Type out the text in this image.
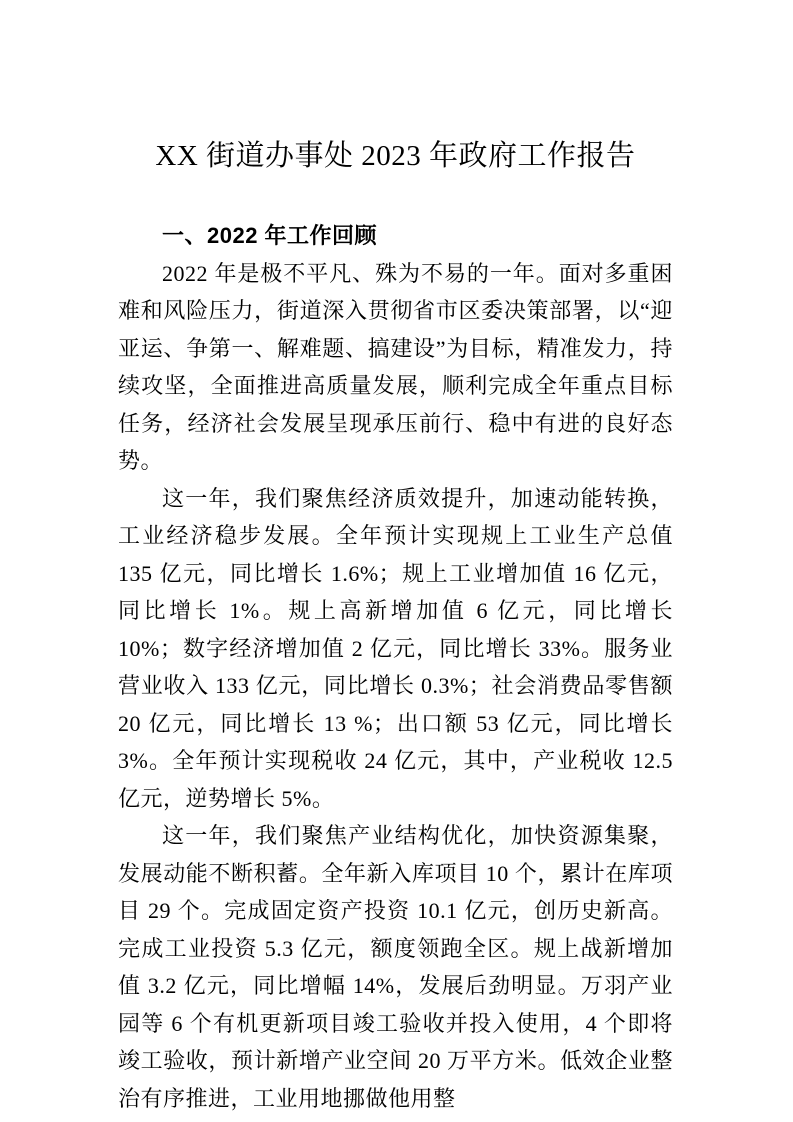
XX 街道办事处 2023 年政府工作报告
一、2022 年工作回顾

2022 年是极不平凡、殊为不易的一年。面对多重困难和风险压力，街道深入贯彻省市区委决策部署，以“迎亚运、争第一、解难题、搞建设”为目标，精准发力，持续攻坚，全面推进高质量发展，顺利完成全年重点目标任务，经济社会发展呈现承压前行、稳中有进的良好态势。

这一年，我们聚焦经济质效提升，加速动能转换，工业经济稳步发展。全年预计实现规上工业生产总值 135 亿元，同比增长 1.6%；规上工业增加值 16 亿元，同比增长 1%。规上高新增加值 6 亿元，同比增长 10%；数字经济增加值 2 亿元，同比增长 33%。服务业营业收入 133 亿元，同比增长 0.3%；社会消费品零售额 20 亿元，同比增长 13 %；出口额 53 亿元，同比增长 3%。全年预计实现税收 24 亿元，其中，产业税收 12.5 亿元，逆势增长 5%。

这一年，我们聚焦产业结构优化，加快资源集聚，发展动能不断积蓄。全年新入库项目 10 个，累计在库项目 29 个。完成固定资产投资 10.1 亿元，创历史新高。完成工业投资 5.3 亿元，额度领跑全区。规上战新增加值 3.2 亿元，同比增幅 14%，发展后劲明显。万羽产业园等 6 个有机更新项目竣工验收并投入使用，4 个即将竣工验收，预计新增产业空间 20 万平方米。低效企业整治有序推进，工业用地挪做他用整
